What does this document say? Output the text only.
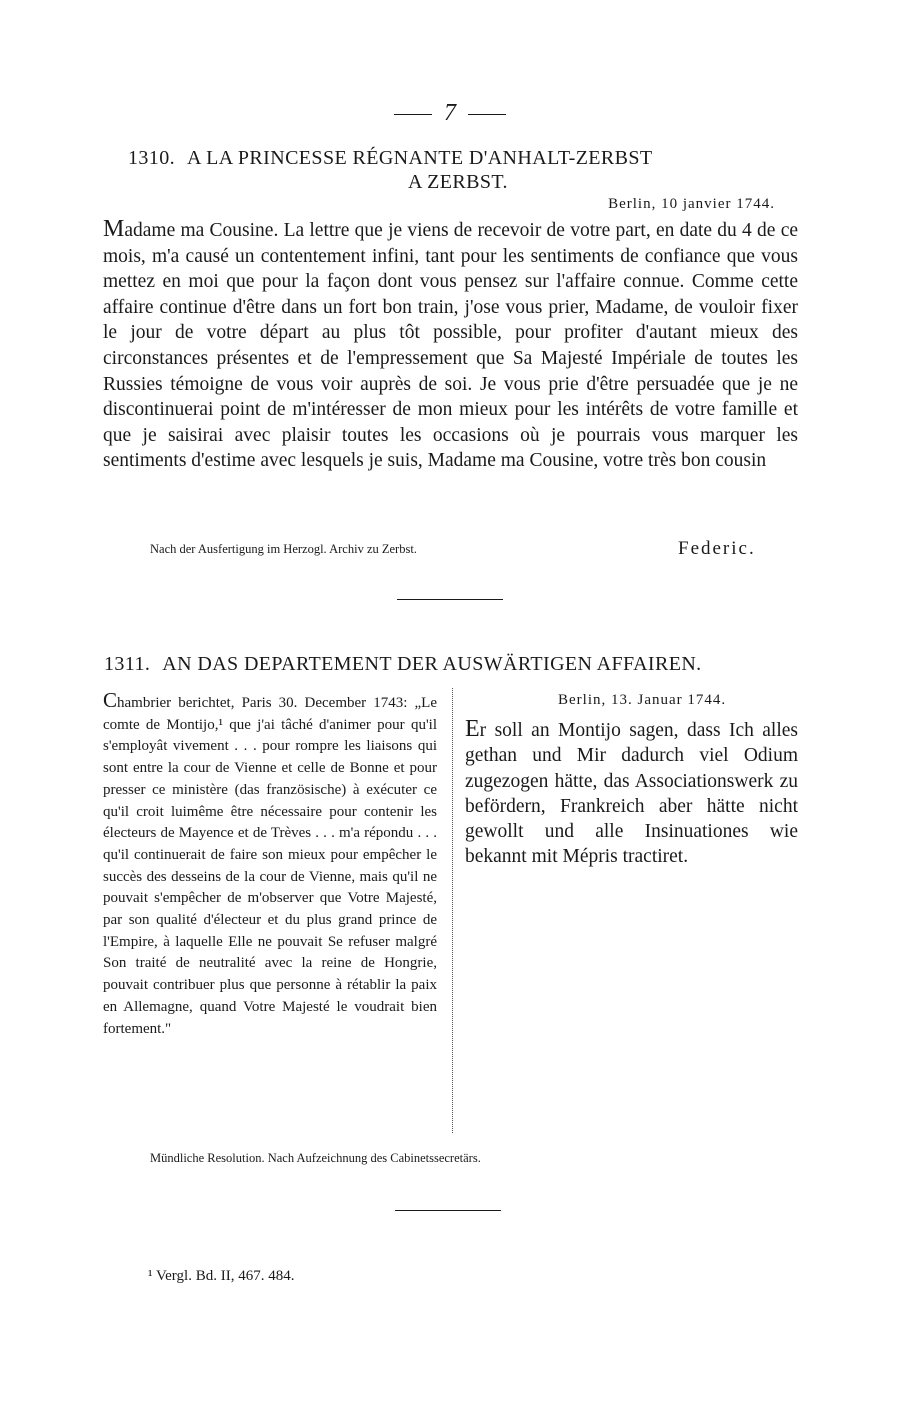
7
1310. A LA PRINCESSE RÉGNANTE D'ANHALT-ZERBST
A ZERBST.
Berlin, 10 janvier 1744.

Madame ma Cousine. La lettre que je viens de recevoir de votre part, en date du 4 de ce mois, m'a causé un contentement infini, tant pour les sentiments de confiance que vous mettez en moi que pour la façon dont vous pensez sur l'affaire connue. Comme cette affaire continue d'être dans un fort bon train, j'ose vous prier, Madame, de vouloir fixer le jour de votre départ au plus tôt possible, pour profiter d'autant mieux des circonstances présentes et de l'empressement que Sa Majesté Impériale de toutes les Russies témoigne de vous voir auprès de soi. Je vous prie d'être persuadée que je ne discontinuerai point de m'intéresser de mon mieux pour les intérêts de votre famille et que je saisirai avec plaisir toutes les occasions où je pourrais vous marquer les sentiments d'estime avec lesquels je suis, Madame ma Cousine, votre très bon cousin

Nach der Ausfertigung im Herzogl. Archiv zu Zerbst.	Federic.
1311. AN DAS DEPARTEMENT DER AUSWÄRTIGEN AFFAIREN.

Chambrier berichtet, Paris 30. December 1743: „Le comte de Montijo,¹ que j'ai tâché d'animer pour qu'il s'employât vivement . . . pour rompre les liaisons qui sont entre la cour de Vienne et celle de Bonne et pour presser ce ministère (das französische) à exécuter ce qu'il croit luimême être nécessaire pour contenir les électeurs de Mayence et de Trèves . . . m'a répondu . . . qu'il continuerait de faire son mieux pour empêcher le succès des desseins de la cour de Vienne, mais qu'il ne pouvait s'empêcher de m'observer que Votre Majesté, par son qualité d'électeur et du plus grand prince de l'Empire, à laquelle Elle ne pouvait Se refuser malgré Son traité de neutralité avec la reine de Hongrie, pouvait contribuer plus que personne à rétablir la paix en Allemagne, quand Votre Majesté le voudrait bien fortement."

Berlin, 13. Januar 1744.

Er soll an Montijo sagen, dass Ich alles gethan und Mir dadurch viel Odium zugezogen hätte, das Associationswerk zu befördern, Frankreich aber hätte nicht gewollt und alle Insinuationes wie bekannt mit Mépris tractiret.

Mündliche Resolution. Nach Aufzeichnung des Cabinetssecretärs.
¹ Vergl. Bd. II, 467. 484.
